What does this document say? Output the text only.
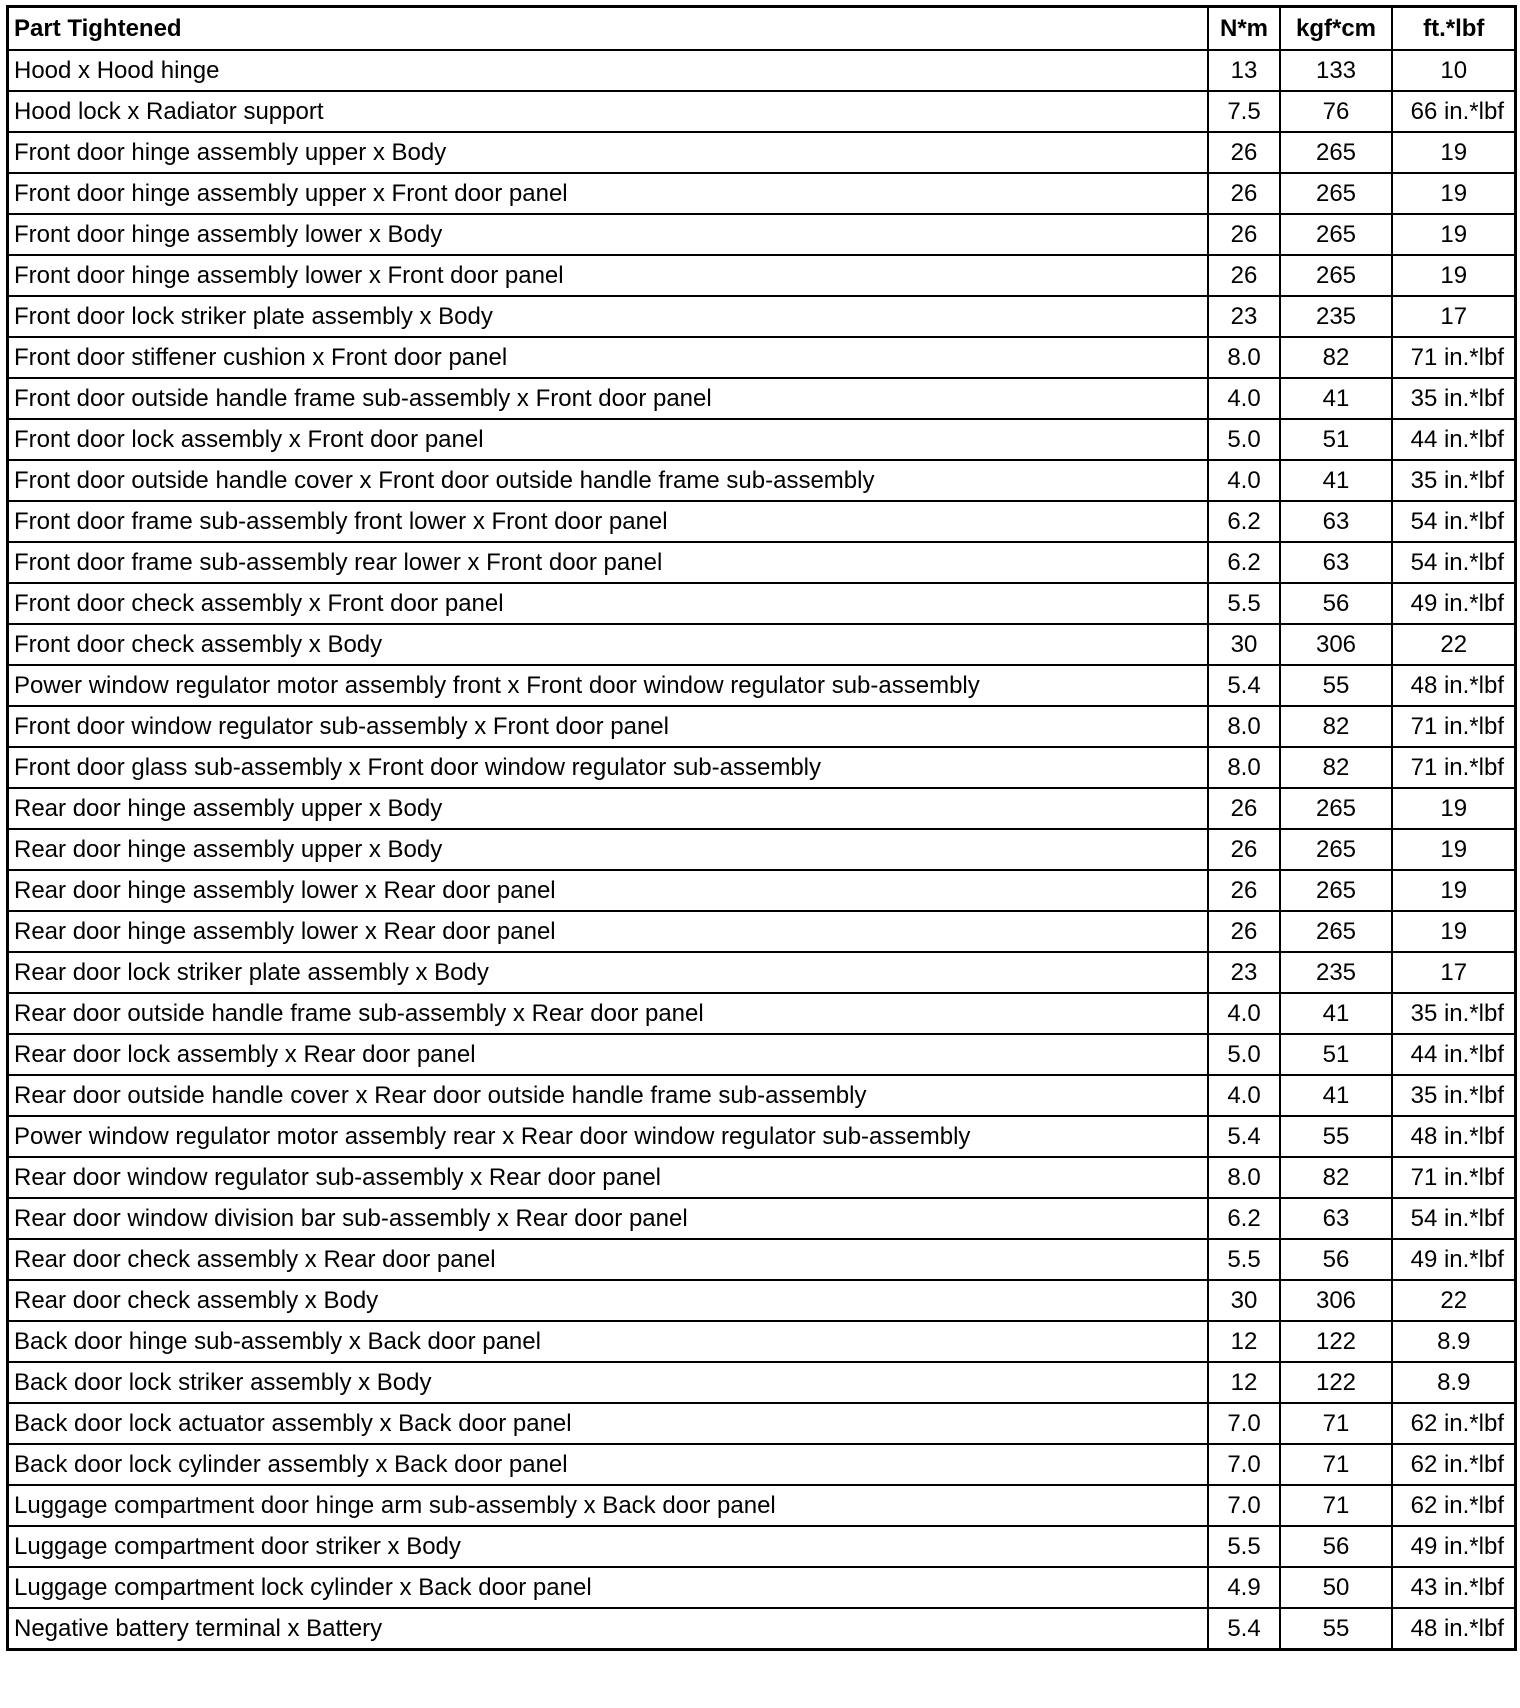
Part Tightened	N*m	kgf*cm	ft.*lbf
Hood x Hood hinge	13	133	10
Hood lock x Radiator support	7.5	76	66 in.*lbf
Front door hinge assembly upper x Body	26	265	19
Front door hinge assembly upper x Front door panel	26	265	19
Front door hinge assembly lower x Body	26	265	19
Front door hinge assembly lower x Front door panel	26	265	19
Front door lock striker plate assembly x Body	23	235	17
Front door stiffener cushion x Front door panel	8.0	82	71 in.*lbf
Front door outside handle frame sub-assembly x Front door panel	4.0	41	35 in.*lbf
Front door lock assembly x Front door panel	5.0	51	44 in.*lbf
Front door outside handle cover x Front door outside handle frame sub-assembly	4.0	41	35 in.*lbf
Front door frame sub-assembly front lower x Front door panel	6.2	63	54 in.*lbf
Front door frame sub-assembly rear lower x Front door panel	6.2	63	54 in.*lbf
Front door check assembly x Front door panel	5.5	56	49 in.*lbf
Front door check assembly x Body	30	306	22
Power window regulator motor assembly front x Front door window regulator sub-assembly	5.4	55	48 in.*lbf
Front door window regulator sub-assembly x Front door panel	8.0	82	71 in.*lbf
Front door glass sub-assembly x Front door window regulator sub-assembly	8.0	82	71 in.*lbf
Rear door hinge assembly upper x Body	26	265	19
Rear door hinge assembly upper x Body	26	265	19
Rear door hinge assembly lower x Rear door panel	26	265	19
Rear door hinge assembly lower x Rear door panel	26	265	19
Rear door lock striker plate assembly x Body	23	235	17
Rear door outside handle frame sub-assembly x Rear door panel	4.0	41	35 in.*lbf
Rear door lock assembly x Rear door panel	5.0	51	44 in.*lbf
Rear door outside handle cover x Rear door outside handle frame sub-assembly	4.0	41	35 in.*lbf
Power window regulator motor assembly rear x Rear door window regulator sub-assembly	5.4	55	48 in.*lbf
Rear door window regulator sub-assembly x Rear door panel	8.0	82	71 in.*lbf
Rear door window division bar sub-assembly x Rear door panel	6.2	63	54 in.*lbf
Rear door check assembly x Rear door panel	5.5	56	49 in.*lbf
Rear door check assembly x Body	30	306	22
Back door hinge sub-assembly x Back door panel	12	122	8.9
Back door lock striker assembly x Body	12	122	8.9
Back door lock actuator assembly x Back door panel	7.0	71	62 in.*lbf
Back door lock cylinder assembly x Back door panel	7.0	71	62 in.*lbf
Luggage compartment door hinge arm sub-assembly x Back door panel	7.0	71	62 in.*lbf
Luggage compartment door striker x Body	5.5	56	49 in.*lbf
Luggage compartment lock cylinder x Back door panel	4.9	50	43 in.*lbf
Negative battery terminal x Battery	5.4	55	48 in.*lbf
